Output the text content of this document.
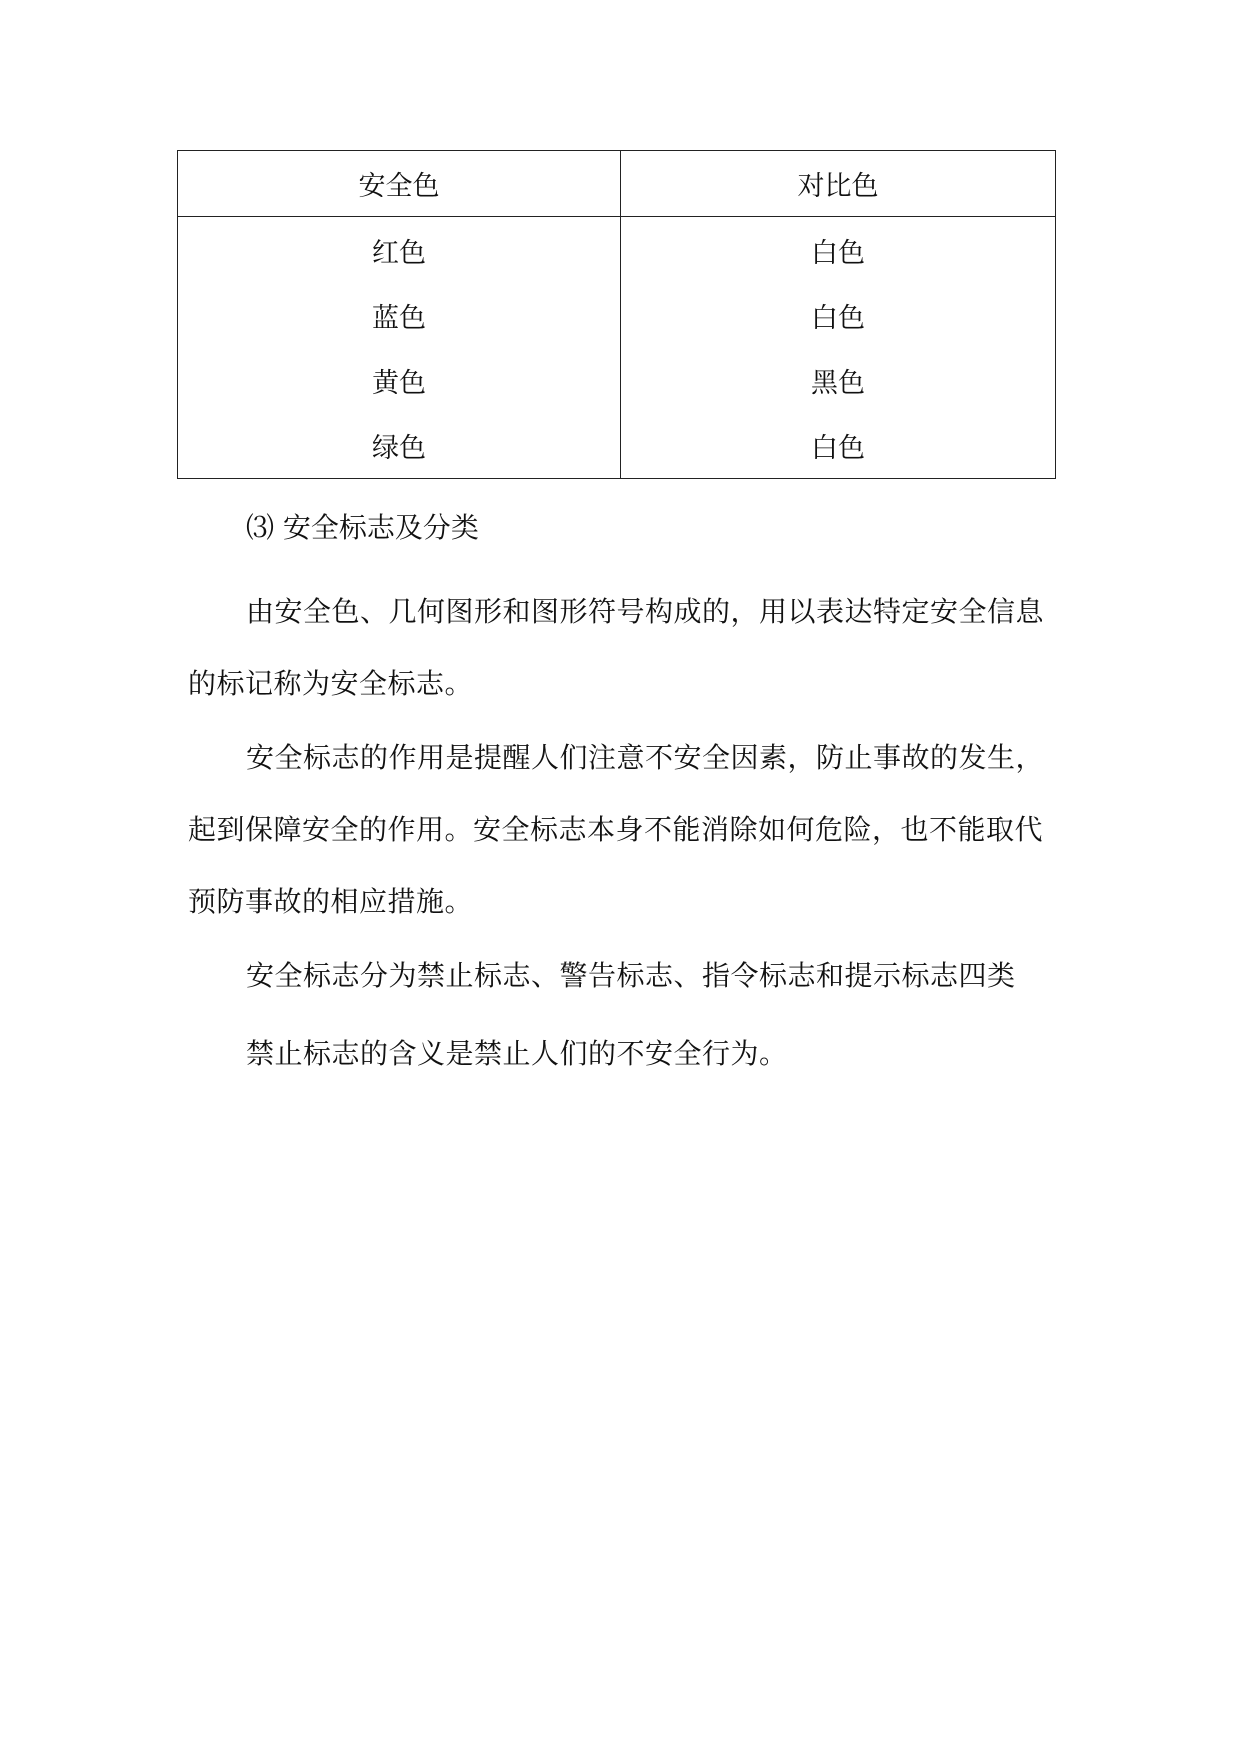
安全色	对比色
红色	白色
蓝色	白色
黄色	黑色
绿色	白色

⑶ 安全标志及分类

由安全色、几何图形和图形符号构成的，用以表达特定安全信息的标记称为安全标志。

安全标志的作用是提醒人们注意不安全因素，防止事故的发生，起到保障安全的作用。安全标志本身不能消除如何危险，也不能取代预防事故的相应措施。

安全标志分为禁止标志、警告标志、指令标志和提示标志四类

禁止标志的含义是禁止人们的不安全行为。
